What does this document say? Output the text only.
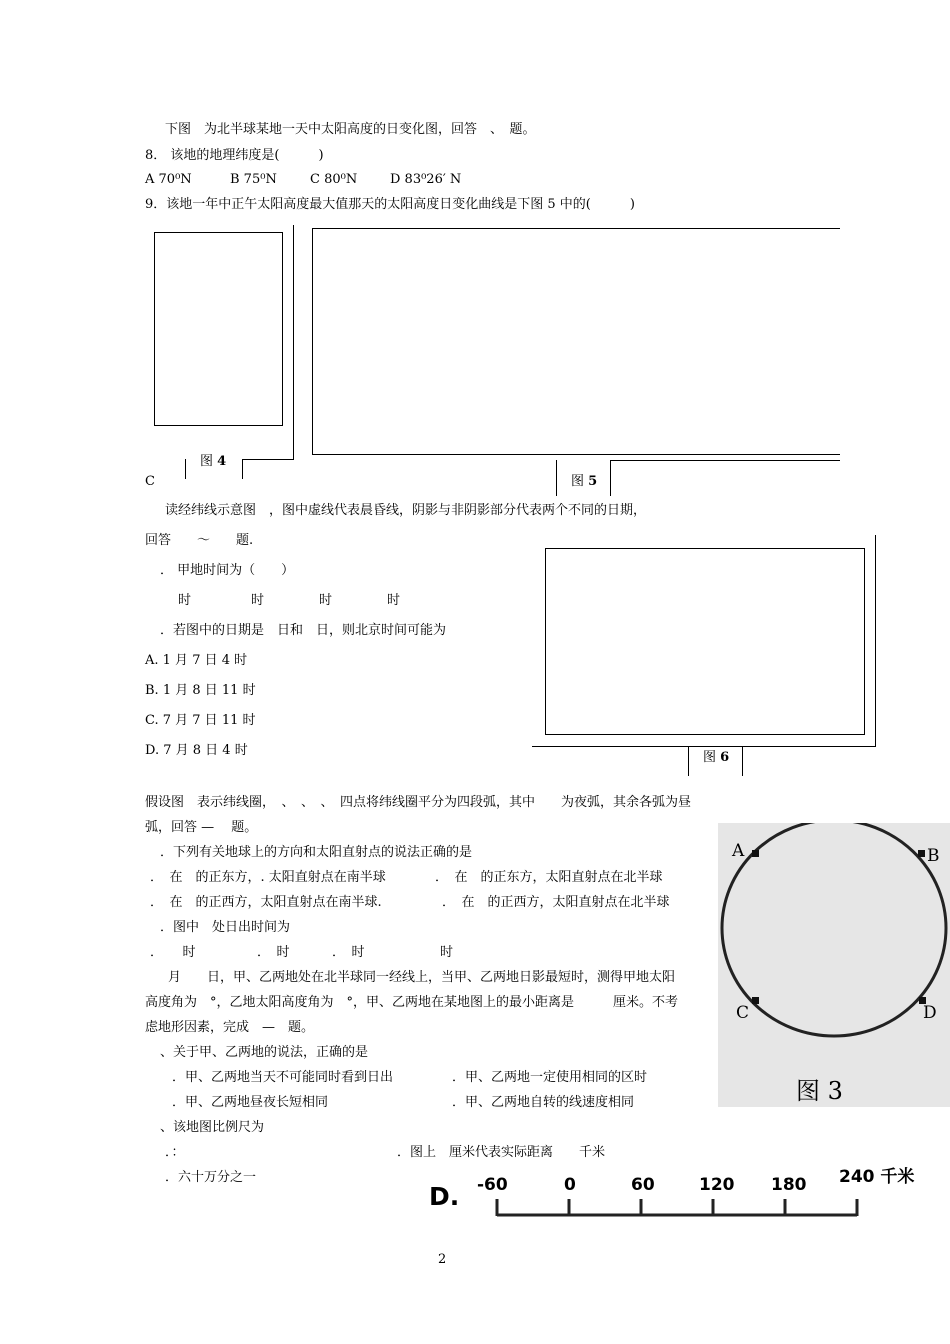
下图　为北半球某地一天中太阳高度的日变化图，回答　、　题。
8． 该地的地理纬度是(　　　)
A 70⁰N	B 75⁰N	C 80⁰N	D 83⁰26′ N
9．该地一年中正午太阳高度最大值那天的太阳高度日变化曲线是下图 5 中的(　　　)
图 4
C	图 5
读经纬线示意图　，图中虚线代表晨昏线，阴影与非阴影部分代表两个不同的日期，
回答　　～　　题.
． 甲地时间为（　　）
时	时	时	时
．若图中的日期是　日和　日，则北京时间可能为
A. 1 月 7 日 4 时
B. 1 月 8 日 11 时
C. 7 月 7 日 11 时
D. 7 月 8 日 4 时	图 6
假设图　表示纬线圈，　、　、　、　四点将纬线圈平分为四段弧，其中　　为夜弧，其余各弧为昼
弧，回答 —　 题。
．下列有关地球上的方向和太阳直射点的说法正确的是
．　在　的正东方，. 太阳直射点在南半球	．　在　的正东方，太阳直射点在北半球
．　在　的正西方，太阳直射点在南半球.	．　在　的正西方，太阳直射点在北半球
．图中　处日出时间为
．　　时	．　时	．　时	时
A	B
C	D
图 3
　月　　日，甲、乙两地处在北半球同一经线上，当甲、乙两地日影最短时，测得甲地太阳
高度角为　°，乙地太阳高度角为　°，甲、乙两地在某地图上的最小距离是　　　厘米。不考
虑地形因素，完成　—　题。
、关于甲、乙两地的说法，正确的是
．甲、乙两地当天不可能同时看到日出	．甲、乙两地一定使用相同的区时
．甲、乙两地昼夜长短相同	．甲、乙两地自转的线速度相同
、该地图比例尺为
．：	．图上　厘米代表实际距离　　千米
．六十万分之一
D. -60	0	60	120 180 240 千米
2
